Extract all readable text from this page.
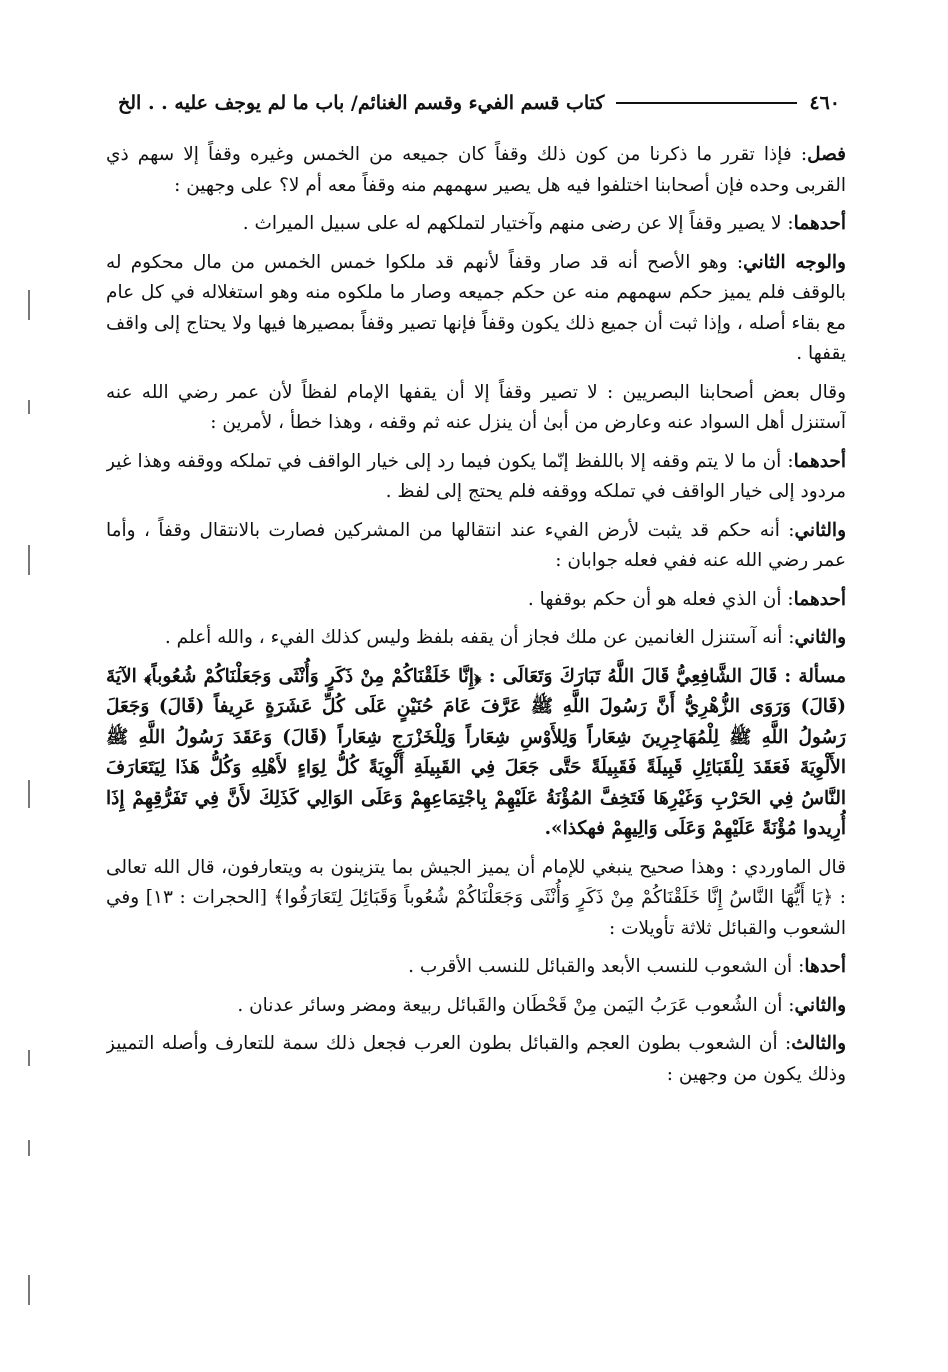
٤٦٠
كتاب قسم الفيء وقسم الغنائم/ باب ما لم يوجف عليه . . الخ

فصل: فإذا تقرر ما ذكرنا من كون ذلك وقفاً كان جميعه من الخمس وغيره وقفاً إلا سهم ذي القربى وحده فإن أصحابنا اختلفوا فيه هل يصير سهمهم منه وقفاً معه أم لا؟ على وجهين :

أحدهما: لا يصير وقفاً إلا عن رضى منهم وآختيار لتملكهم له على سبيل الميراث .

والوجه الثاني: وهو الأصح أنه قد صار وقفاً لأنهم قد ملكوا خمس الخمس من مال محكوم له بالوقف فلم يميز حكم سهمهم منه عن حكم جميعه وصار ما ملكوه منه وهو استغلاله في كل عام مع بقاء أصله ، وإذا ثبت أن جميع ذلك يكون وقفاً فإنها تصير وقفاً بمصيرها فيها ولا يحتاج إلى واقف يقفها .

وقال بعض أصحابنا البصريين : لا تصير وقفاً إلا أن يقفها الإمام لفظاً لأن عمر رضي الله عنه آستنزل أهل السواد عنه وعارض من أبىٰ أن ينزل عنه ثم وقفه ، وهذا خطأ ، لأمرين :

أحدهما: أن ما لا يتم وقفه إلا باللفظ إنّما يكون فيما رد إلى خيار الواقف في تملكه ووقفه وهذا غير مردود إلى خيار الواقف في تملكه ووقفه فلم يحتج إلى لفظ .

والثاني: أنه حكم قد يثبت لأرض الفيء عند انتقالها من المشركين فصارت بالانتقال وقفاً ، وأما عمر رضي الله عنه ففي فعله جوابان :

أحدهما: أن الذي فعله هو أن حكم بوقفها .

والثاني: أنه آستنزل الغانمين عن ملك فجاز أن يقفه بلفظ وليس كذلك الفيء ، والله أعلم .

مسألة : قَالَ الشَّافِعِيُّ قَالَ اللَّهُ تَبَارَكَ وَتَعَالَى : ﴿إِنَّا خَلَقْنَاكُمْ مِنْ ذَكَرٍ وَأُنْثَى وَجَعَلْنَاكُمْ شُعُوباً﴾ الآيَةَ (قَالَ) وَرَوَى الزُّهْرِيُّ أَنَّ رَسُولَ اللَّهِ ﷺ عَرَّفَ عَامَ حُنَيْنٍ عَلَى كُلِّ عَشَرَةٍ عَرِيفاً (قَالَ) وَجَعَلَ رَسُولُ اللَّهِ ﷺ لِلْمُهَاجِرِينَ شِعَاراً وَلِلأَوْسِ شِعَاراً وَلِلْخَزْرَجِ شِعَاراً (قَالَ) وَعَقَدَ رَسُولُ اللَّهِ ﷺ الأَلْوِيَةَ فَعَقَدَ لِلْقَبَائِلِ قَبِيلَةً فَقَبِيلَةً حَتَّى جَعَلَ فِي القَبِيلَةِ أَلْوِيَةً كُلُّ لِوَاءٍ لأَهْلِهِ وَكُلُّ هَذَا لِيَتَعَارَفَ النَّاسُ فِي الحَرْبِ وَغَيْرِهَا فَتَخِفَّ المُؤْنَةُ عَلَيْهِمْ بِاجْتِمَاعِهِمْ وَعَلَى الوَالِي كَذَلِكَ لأَنَّ فِي تَفَرُّقِهِمْ إِذَا أُرِيدوا مُؤْنَةً عَلَيْهِمْ وَعَلَى وَالِيهِمْ فهكذا».

قال الماوردي : وهذا صحيح ينبغي للإمام أن يميز الجيش بما يتزينون به ويتعارفون، قال الله تعالى : ﴿يَا أَيُّهَا النَّاسُ إِنَّا خَلَقْنَاكُمْ مِنْ ذَكَرٍ وَأُنْثَى وَجَعَلْنَاكُمْ شُعُوباً وَقَبَائِلَ لِتَعَارَفُوا﴾ [الحجرات : ١٣] وفي الشعوب والقبائل ثلاثة تأويلات :

أحدها: أن الشعوب للنسب الأبعد والقبائل للنسب الأقرب .

والثاني: أن الشُعوب عَرَبُ اليَمن مِنْ قَحْطَان والقَبائل ربيعة ومضر وسائر عدنان .

والثالث: أن الشعوب بطون العجم والقبائل بطون العرب فجعل ذلك سمة للتعارف وأصله التمييز وذلك يكون من وجهين :
